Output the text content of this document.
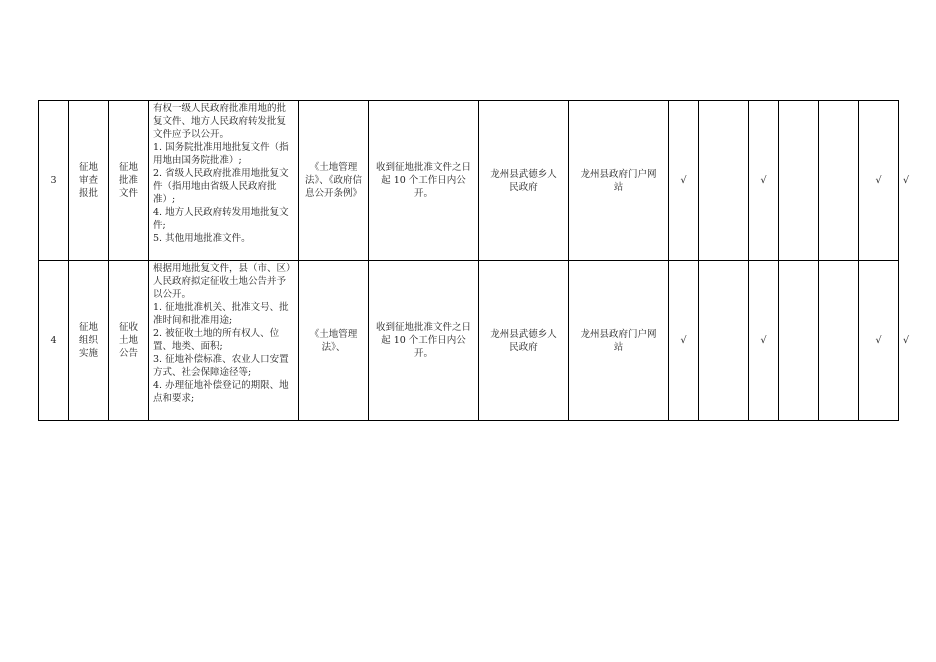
3	征地审查报批	征地批准文件	有权一级人民政府批准用地的批复文件、地方人民政府转发批复文件应予以公开。
1. 国务院批准用地批复文件（指用地由国务院批准）;
2. 省级人民政府批准用地批复文件（指用地由省级人民政府批准）;
4. 地方人民政府转发用地批复文件;
5. 其他用地批准文件。	《土地管理法》、《政府信息公开条例》	收到征地批准文件之日起 10 个工作日内公开。	龙州县武德乡人民政府	龙州县政府门户网站	√		√			√	√
4	征地组织实施	征收土地公告	根据用地批复文件，县（市、区）人民政府拟定征收土地公告并予以公开。
1. 征地批准机关、批准文号、批准时间和批准用途;
2. 被征收土地的所有权人、位置、地类、面积;
3. 征地补偿标准、农业人口安置方式、社会保障途径等;
4. 办理征地补偿登记的期限、地点和要求;	《土地管理法》、	收到征地批准文件之日起 10 个工作日内公开。	龙州县武德乡人民政府	龙州县政府门户网站	√		√			√	√
